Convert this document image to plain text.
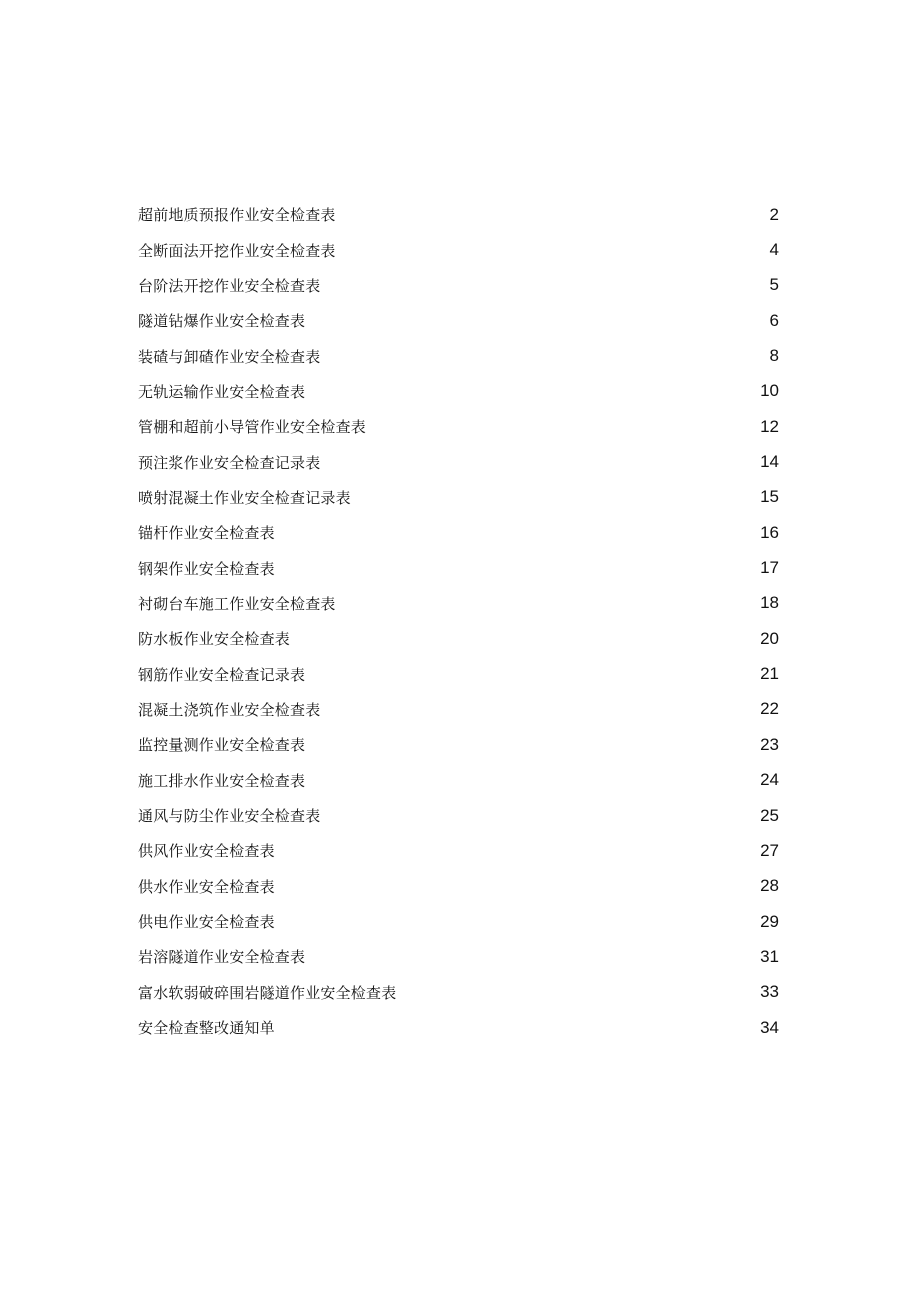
超前地质预报作业安全检查表	2
全断面法开挖作业安全检查表	4
台阶法开挖作业安全检查表	5
隧道钻爆作业安全检查表	6
装碴与卸碴作业安全检查表	8
无轨运输作业安全检查表	10
管棚和超前小导管作业安全检查表	12
预注浆作业安全检查记录表	14
喷射混凝土作业安全检查记录表	15
锚杆作业安全检查表	16
钢架作业安全检查表	17
衬砌台车施工作业安全检查表	18
防水板作业安全检查表	20
钢筋作业安全检查记录表	21
混凝土浇筑作业安全检查表	22
监控量测作业安全检查表	23
施工排水作业安全检查表	24
通风与防尘作业安全检查表	25
供风作业安全检查表	27
供水作业安全检查表	28
供电作业安全检查表	29
岩溶隧道作业安全检查表	31
富水软弱破碎围岩隧道作业安全检查表	33
安全检查整改通知单	34
